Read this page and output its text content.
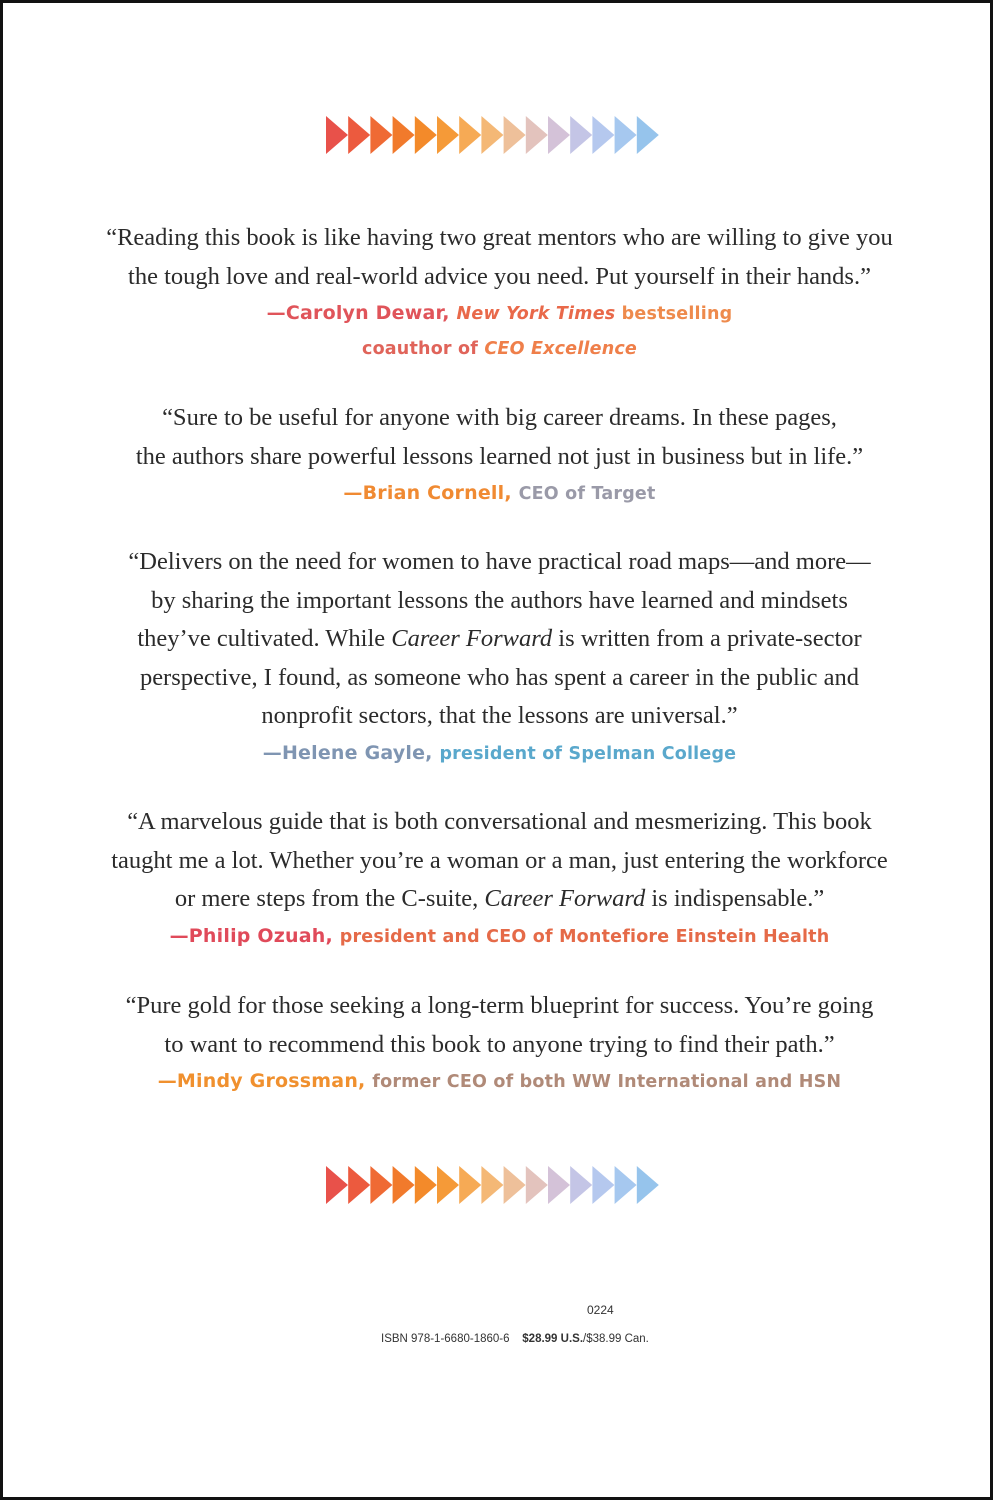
“Reading this book is like having two great mentors who are willing to give you

the tough love and real-world advice you need. Put yourself in their hands.”

—Carolyn Dewar, New York Times bestselling

coauthor of CEO Excellence

“Sure to be useful for anyone with big career dreams. In these pages,

the authors share powerful lessons learned not just in business but in life.”

—Brian Cornell, CEO of Target

“Delivers on the need for women to have practical road maps—and more—

by sharing the important lessons the authors have learned and mindsets

they’ve cultivated. While Career Forward is written from a private-sector

perspective, I found, as someone who has spent a career in the public and

nonprofit sectors, that the lessons are universal.”

—Helene Gayle, president of Spelman College

“A marvelous guide that is both conversational and mesmerizing. This book

taught me a lot. Whether you’re a woman or a man, just entering the workforce

or mere steps from the C-suite, Career Forward is indispensable.”

—Philip Ozuah, president and CEO of Montefiore Einstein Health

“Pure gold for those seeking a long-term blueprint for success. You’re going

to want to recommend this book to anyone trying to find their path.”

—Mindy Grossman, former CEO of both WW International and HSN

0224
ISBN 978-1-6680-1860-6 $28.99 U.S./$38.99 Can.
